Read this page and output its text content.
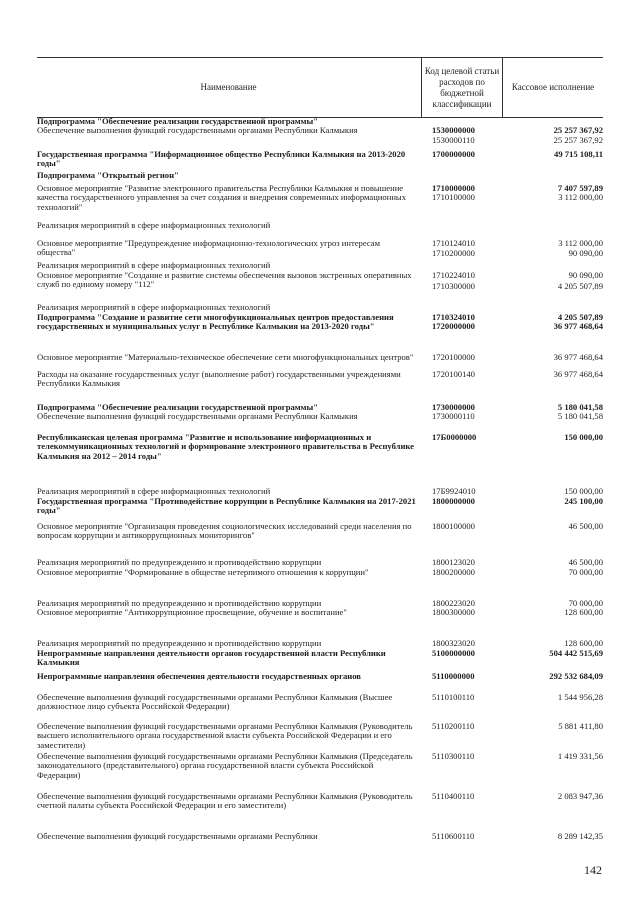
Наименование
Код целевой статьи расходов по бюджетной классификации
Кассовое исполнение
Подпрограмма "Обеспечение реализации государственной программы"
Обеспечение выполнения функций государственными органами Республики Калмыкия	1530000000	25 257 367,92
1530000110	25 257 367,92
Государственная программа "Информационное общество Республики Калмыкия на 2013-2020 годы"
1700000000	49 715 108,11
Подпрограмма "Открытый регион"
Основное мероприятие "Развитие электронного правительства Республики Калмыкия и повышение качества государственного управления за счет создания и внедрения современных информационных технологий"
1710000000	7 407 597,89
1710100000	3 112 000,00
Реализация мероприятий в сфере информационных технологий
Основное мероприятие "Предупреждение информационно-технологических угроз интересам общества"
1710124010	3 112 000,00
1710200000	90 090,00
Реализация мероприятий в сфере информационных технологий
Основное мероприятие "Создание и развитие системы обеспечения вызовов экстренных оперативных служб по единому номеру "112"
1710224010	90 090,00
1710300000	4 205 507,89
Реализация мероприятий в сфере информационных технологий
Подпрограмма "Создание и развитие сети многофункциональных центров предоставления государственных и муниципальных услуг в Республике Калмыкия на 2013-2020 годы"
1710324010	4 205 507,89
1720000000	36 977 468,64
Основное мероприятие "Материально-техническое обеспечение сети многофункциональных центров"	1720100000	36 977 468,64
Расходы на оказание государственных услуг (выполнение работ) государственными учреждениями Республики Калмыкия
1720100140	36 977 468,64
Подпрограмма "Обеспечение реализации государственной программы"	1730000000	5 180 041,58
Обеспечение выполнения функций государственными органами Республики Калмыкия	1730000110	5 180 041,58
Республиканская целевая программа "Развитие и использование информационных и телекоммуникационных технологий и формирование электронного правительства в Республике Калмыкия на 2012 – 2014 годы"
17Б0000000	150 000,00
Реализация мероприятий в сфере информационных технологий	17Б9924010	150 000,00
Государственная программа "Противодействие коррупции в Республике Калмыкия на 2017-2021 годы"
1800000000	245 100,00
Основное мероприятие "Организация проведения социологических исследований среди населения по вопросам коррупции и антикоррупционных мониторингов"
1800100000	46 500,00
Реализация мероприятий по предупреждению и противодействию коррупции	1800123020	46 500,00
Основное мероприятие "Формирование в обществе нетерпимого отношения к коррупции"	1800200000	70 000,00
Реализация мероприятий по предупреждению и противодействию коррупции	1800223020	70 000,00
Основное мероприятие "Антикоррупционное просвещение, обучение и воспитание"	1800300000	128 600,00
Реализация мероприятий по предупреждению и противодействию коррупции	1800323020	128 600,00
Непрограммные направления деятельности органов государственной власти Республики Калмыкия
5100000000	504 442 515,69
Непрограммные направления обеспечения деятельности государственных органов	5110000000	292 532 684,09
Обеспечение выполнения функций государственными органами Республики Калмыкия (Высшее должностное лицо субъекта Российской Федерации)
5110100110	1 544 956,28
Обеспечение выполнения функций государственными органами Республики Калмыкия (Руководитель высшего исполнительного органа государственной власти субъекта Российской Федерации и его заместители)
5110200110	5 881 411,80
Обеспечение выполнения функций государственными органами Республики Калмыкия (Председатель законодательного (представительного) органа государственной власти субъекта Российской Федерации)
5110300110	1 419 331,56
Обеспечение выполнения функций государственными органами Республики Калмыкия (Руководитель счетной палаты субъекта Российской Федерации и его заместители)
5110400110	2 083 947,36
Обеспечение выполнения функций государственными органами Республики	5110600110	8 289 142,35
142
